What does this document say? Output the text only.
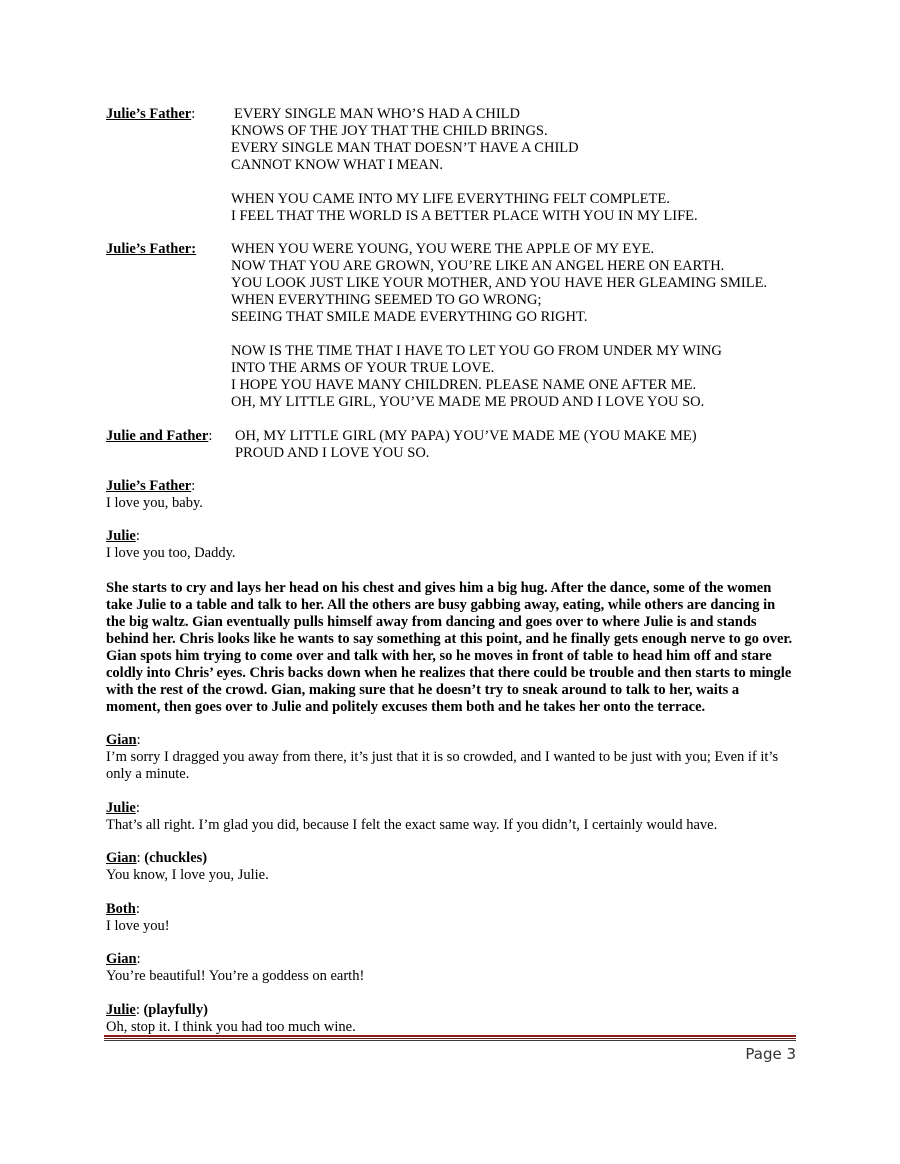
Julie’s Father:	EVERY SINGLE MAN WHO’S HAD A CHILD
KNOWS OF THE JOY THAT THE CHILD BRINGS.
EVERY SINGLE MAN THAT DOESN’T HAVE A CHILD
CANNOT KNOW WHAT I MEAN.
WHEN YOU CAME INTO MY LIFE EVERYTHING FELT COMPLETE.
I FEEL THAT THE WORLD IS A BETTER PLACE WITH YOU IN MY LIFE.
Julie’s Father: WHEN YOU WERE YOUNG, YOU WERE THE APPLE OF MY EYE.
NOW THAT YOU ARE GROWN, YOU’RE LIKE AN ANGEL HERE ON EARTH.
YOU LOOK JUST LIKE YOUR MOTHER, AND YOU HAVE HER GLEAMING SMILE.
WHEN EVERYTHING SEEMED TO GO WRONG;
SEEING THAT SMILE MADE EVERYTHING GO RIGHT.
NOW IS THE TIME THAT I HAVE TO LET YOU GO FROM UNDER MY WING
INTO THE ARMS OF YOUR TRUE LOVE.
I HOPE YOU HAVE MANY CHILDREN. PLEASE NAME ONE AFTER ME.
OH, MY LITTLE GIRL, YOU’VE MADE ME PROUD AND I LOVE YOU SO.
Julie and Father: OH, MY LITTLE GIRL (MY PAPA) YOU’VE MADE ME (YOU MAKE ME)
PROUD AND I LOVE YOU SO.
Julie’s Father:
I love you, baby.
Julie:
I love you too, Daddy.
She starts to cry and lays her head on his chest and gives him a big hug. After the dance, some of the women take Julie to a table and talk to her. All the others are busy gabbing away, eating, while others are dancing in the big waltz. Gian eventually pulls himself away from dancing and goes over to where Julie is and stands behind her. Chris looks like he wants to say something at this point, and he finally gets enough nerve to go over. Gian spots him trying to come over and talk with her, so he moves in front of table to head him off and stare coldly into Chris’ eyes. Chris backs down when he realizes that there could be trouble and then starts to mingle with the rest of the crowd. Gian, making sure that he doesn’t try to sneak around to talk to her, waits a moment, then goes over to Julie and politely excuses them both and he takes her onto the terrace.
Gian:
I’m sorry I dragged you away from there, it’s just that it is so crowded, and I wanted to be just with you; Even if it’s only a minute.
Julie:
That’s all right. I’m glad you did, because I felt the exact same way. If you didn’t, I certainly would have.
Gian: (chuckles)
You know, I love you, Julie.
Both:
I love you!
Gian:
You’re beautiful! You’re a goddess on earth!
Julie: (playfully)
Oh, stop it. I think you had too much wine.
Page 3
